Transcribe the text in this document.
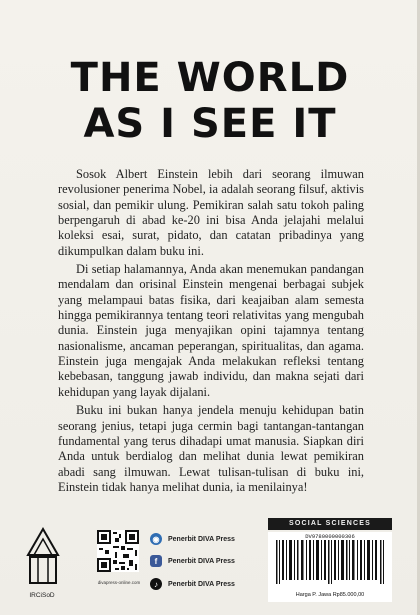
THE WORLD
AS I SEE IT

Sosok Albert Einstein lebih dari seorang ilmuwan revolusioner penerima Nobel, ia adalah seorang filsuf, aktivis sosial, dan pemikir ulung. Pemikiran salah satu tokoh paling berpengaruh di abad ke-20 ini bisa Anda jelajahi melalui koleksi esai, surat, pidato, dan catatan pribadinya yang dikumpulkan dalam buku ini.

Di setiap halamannya, Anda akan menemukan pandangan mendalam dan orisinal Einstein mengenai berbagai subjek yang melampaui batas fisika, dari keajaiban alam semesta hingga pemikirannya tentang teori relativitas yang mengubah dunia. Einstein juga menyajikan opini tajamnya tentang nasionalisme, ancaman peperangan, spiritualitas, dan agama. Einstein juga mengajak Anda melakukan refleksi tentang kebebasan, tanggung jawab individu, dan makna sejati dari kehidupan yang layak dijalani.

Buku ini bukan hanya jendela menuju kehidupan batin seorang jenius, tetapi juga cermin bagi tantangan-tantangan fundamental yang terus dihadapi umat manusia. Siapkan diri Anda untuk berdialog dan melihat dunia lewat pemikiran abadi sang ilmuwan. Lewat tulisan-tulisan di buku ini, Einstein tidak hanya melihat dunia, ia menilainya!

IRCiSoD
divapress-online.com
◉	Penerbit DIVA Press
f	Penerbit DIVA Press
♪	Penerbit DIVA Press
SOCIAL SCIENCES
DV9780000000306
Harga P. Jawa Rp85.000,00
